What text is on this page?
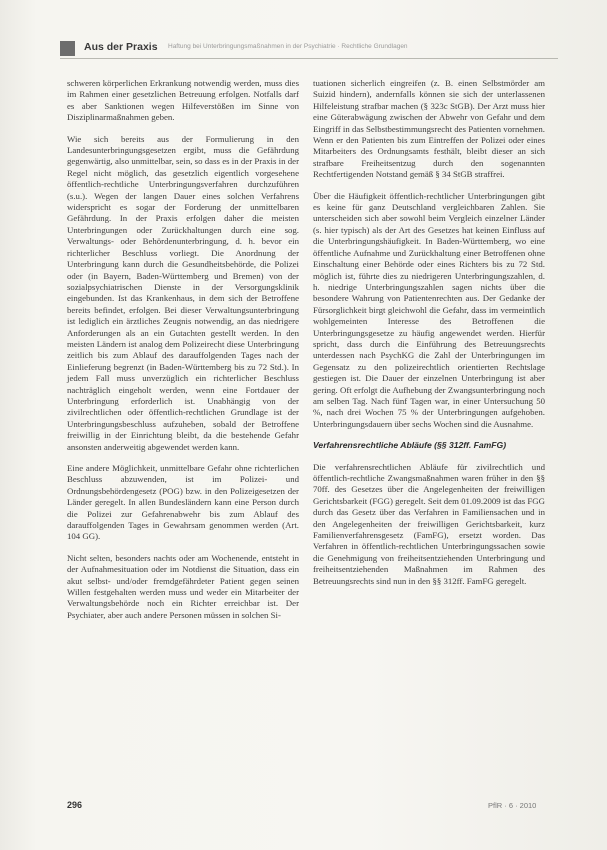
Aus der Praxis Haftung bei Unterbringungsmaßnahmen in der Psychiatrie · Rechtliche Grundlagen

schweren körperlichen Erkrankung notwendig werden, muss dies im Rahmen einer gesetzlichen Betreuung erfolgen. Notfalls darf es aber Sanktionen wegen Hilfeverstößen im Sinne von Disziplinarmaßnahmen geben.

Wie sich bereits aus der Formulierung in den Landesunterbringungsgesetzen ergibt, muss die Gefährdung gegenwärtig, also unmittelbar, sein, so dass es in der Praxis in der Regel nicht möglich, das gesetzlich eigentlich vorgesehene öffentlich-rechtliche Unterbringungsverfahren durchzuführen (s.u.). Wegen der langen Dauer eines solchen Verfahrens widerspricht es sogar der Forderung der unmittelbaren Gefährdung. In der Praxis erfolgen daher die meisten Unterbringungen oder Zurückhaltungen durch eine sog. Verwaltungs- oder Behördenunterbringung, d. h. bevor ein richterlicher Beschluss vorliegt. Die Anordnung der Unterbringung kann durch die Gesundheitsbehörde, die Polizei oder (in Bayern, Baden-Württemberg und Bremen) von der sozialpsychiatrischen Dienste in der Versorgungsklinik eingebunden. Ist das Krankenhaus, in dem sich der Betroffene bereits befindet, erfolgen. Bei dieser Verwaltungsunterbringung ist lediglich ein ärztliches Zeugnis notwendig, an das niedrigere Anforderungen als an ein Gutachten gestellt werden. In den meisten Ländern ist analog dem Polizeirecht diese Unterbringung zeitlich bis zum Ablauf des darauffolgenden Tages nach der Einlieferung begrenzt (in Baden-Württemberg bis zu 72 Std.). In jedem Fall muss unverzüglich ein richterlicher Beschluss nachträglich eingeholt werden, wenn eine Fortdauer der Unterbringung erforderlich ist. Unabhängig von der zivilrechtlichen oder öffentlich-rechtlichen Grundlage ist der Unterbringungsbeschluss aufzuheben, sobald der Betroffene freiwillig in der Einrichtung bleibt, da die bestehende Gefahr ansonsten anderweitig abgewendet werden kann.

Eine andere Möglichkeit, unmittelbare Gefahr ohne richterlichen Beschluss abzuwenden, ist im Polizei- und Ordnungsbehördengesetz (POG) bzw. in den Polizeigesetzen der Länder geregelt. In allen Bundesländern kann eine Person durch die Polizei zur Gefahrenabwehr bis zum Ablauf des darauffolgenden Tages in Gewahrsam genommen werden (Art. 104 GG).

Nicht selten, besonders nachts oder am Wochenende, entsteht in der Aufnahmesituation oder im Notdienst die Situation, dass ein akut selbst- und/oder fremdgefährdeter Patient gegen seinen Willen festgehalten werden muss und weder ein Mitarbeiter der Verwaltungsbehörde noch ein Richter erreichbar ist. Der Psychiater, aber auch andere Personen müssen in solchen Si-

tuationen sicherlich eingreifen (z. B. einen Selbstmörder am Suizid hindern), andernfalls können sie sich der unterlassenen Hilfeleistung strafbar machen (§ 323c StGB). Der Arzt muss hier eine Güterabwägung zwischen der Abwehr von Gefahr und dem Eingriff in das Selbstbestimmungsrecht des Patienten vornehmen. Wenn er den Patienten bis zum Eintreffen der Polizei oder eines Mitarbeiters des Ordnungsamts festhält, bleibt dieser an sich strafbare Freiheitsentzug durch den sogenannten Rechtfertigenden Notstand gemäß § 34 StGB straffrei.

Über die Häufigkeit öffentlich-rechtlicher Unterbringungen gibt es keine für ganz Deutschland vergleichbaren Zahlen. Sie unterscheiden sich aber sowohl beim Vergleich einzelner Länder (s. hier typisch) als der Art des Gesetzes hat keinen Einfluss auf die Unterbringungshäufigkeit. In Baden-Württemberg, wo eine öffentliche Aufnahme und Zurückhaltung einer Betroffenen ohne Einschaltung einer Behörde oder eines Richters bis zu 72 Std. möglich ist, führte dies zu niedrigeren Unterbringungszahlen, d. h. niedrige Unterbringungszahlen sagen nichts über die besondere Wahrung von Patientenrechten aus. Der Gedanke der Fürsorglichkeit birgt gleichwohl die Gefahr, dass im vermeintlich wohlgemeinten Interesse des Betroffenen die Unterbringungsgesetze zu häufig angewendet werden. Hierfür spricht, dass durch die Einführung des Betreuungsrechts unterdessen nach PsychKG die Zahl der Unterbringungen im Gegensatz zu den polizeirechtlich orientierten Rechtslage gestiegen ist. Die Dauer der einzelnen Unterbringung ist aber gering. Oft erfolgt die Aufhebung der Zwangsunterbringung noch am selben Tag. Nach fünf Tagen war, in einer Untersuchung 50 %, nach drei Wochen 75 % der Unterbringungen aufgehoben. Unterbringungsdauern über sechs Wochen sind die Ausnahme.

Verfahrensrechtliche Abläufe (§§ 312ff. FamFG)

Die verfahrensrechtlichen Abläufe für zivilrechtlich und öffentlich-rechtliche Zwangsmaßnahmen waren früher in den §§ 70ff. des Gesetzes über die Angelegenheiten der freiwilligen Gerichtsbarkeit (FGG) geregelt. Seit dem 01.09.2009 ist das FGG durch das Gesetz über das Verfahren in Familiensachen und in den Angelegenheiten der freiwilligen Gerichtsbarkeit, kurz Familienverfahrensgesetz (FamFG), ersetzt worden. Das Verfahren in öffentlich-rechtlichen Unterbringungssachen sowie die Genehmigung von freiheitsentziehenden Unterbringung und freiheitsentziehenden Maßnahmen im Rahmen des Betreuungsrechts sind nun in den §§ 312ff. FamFG geregelt.

296	PflR · 6 · 2010
